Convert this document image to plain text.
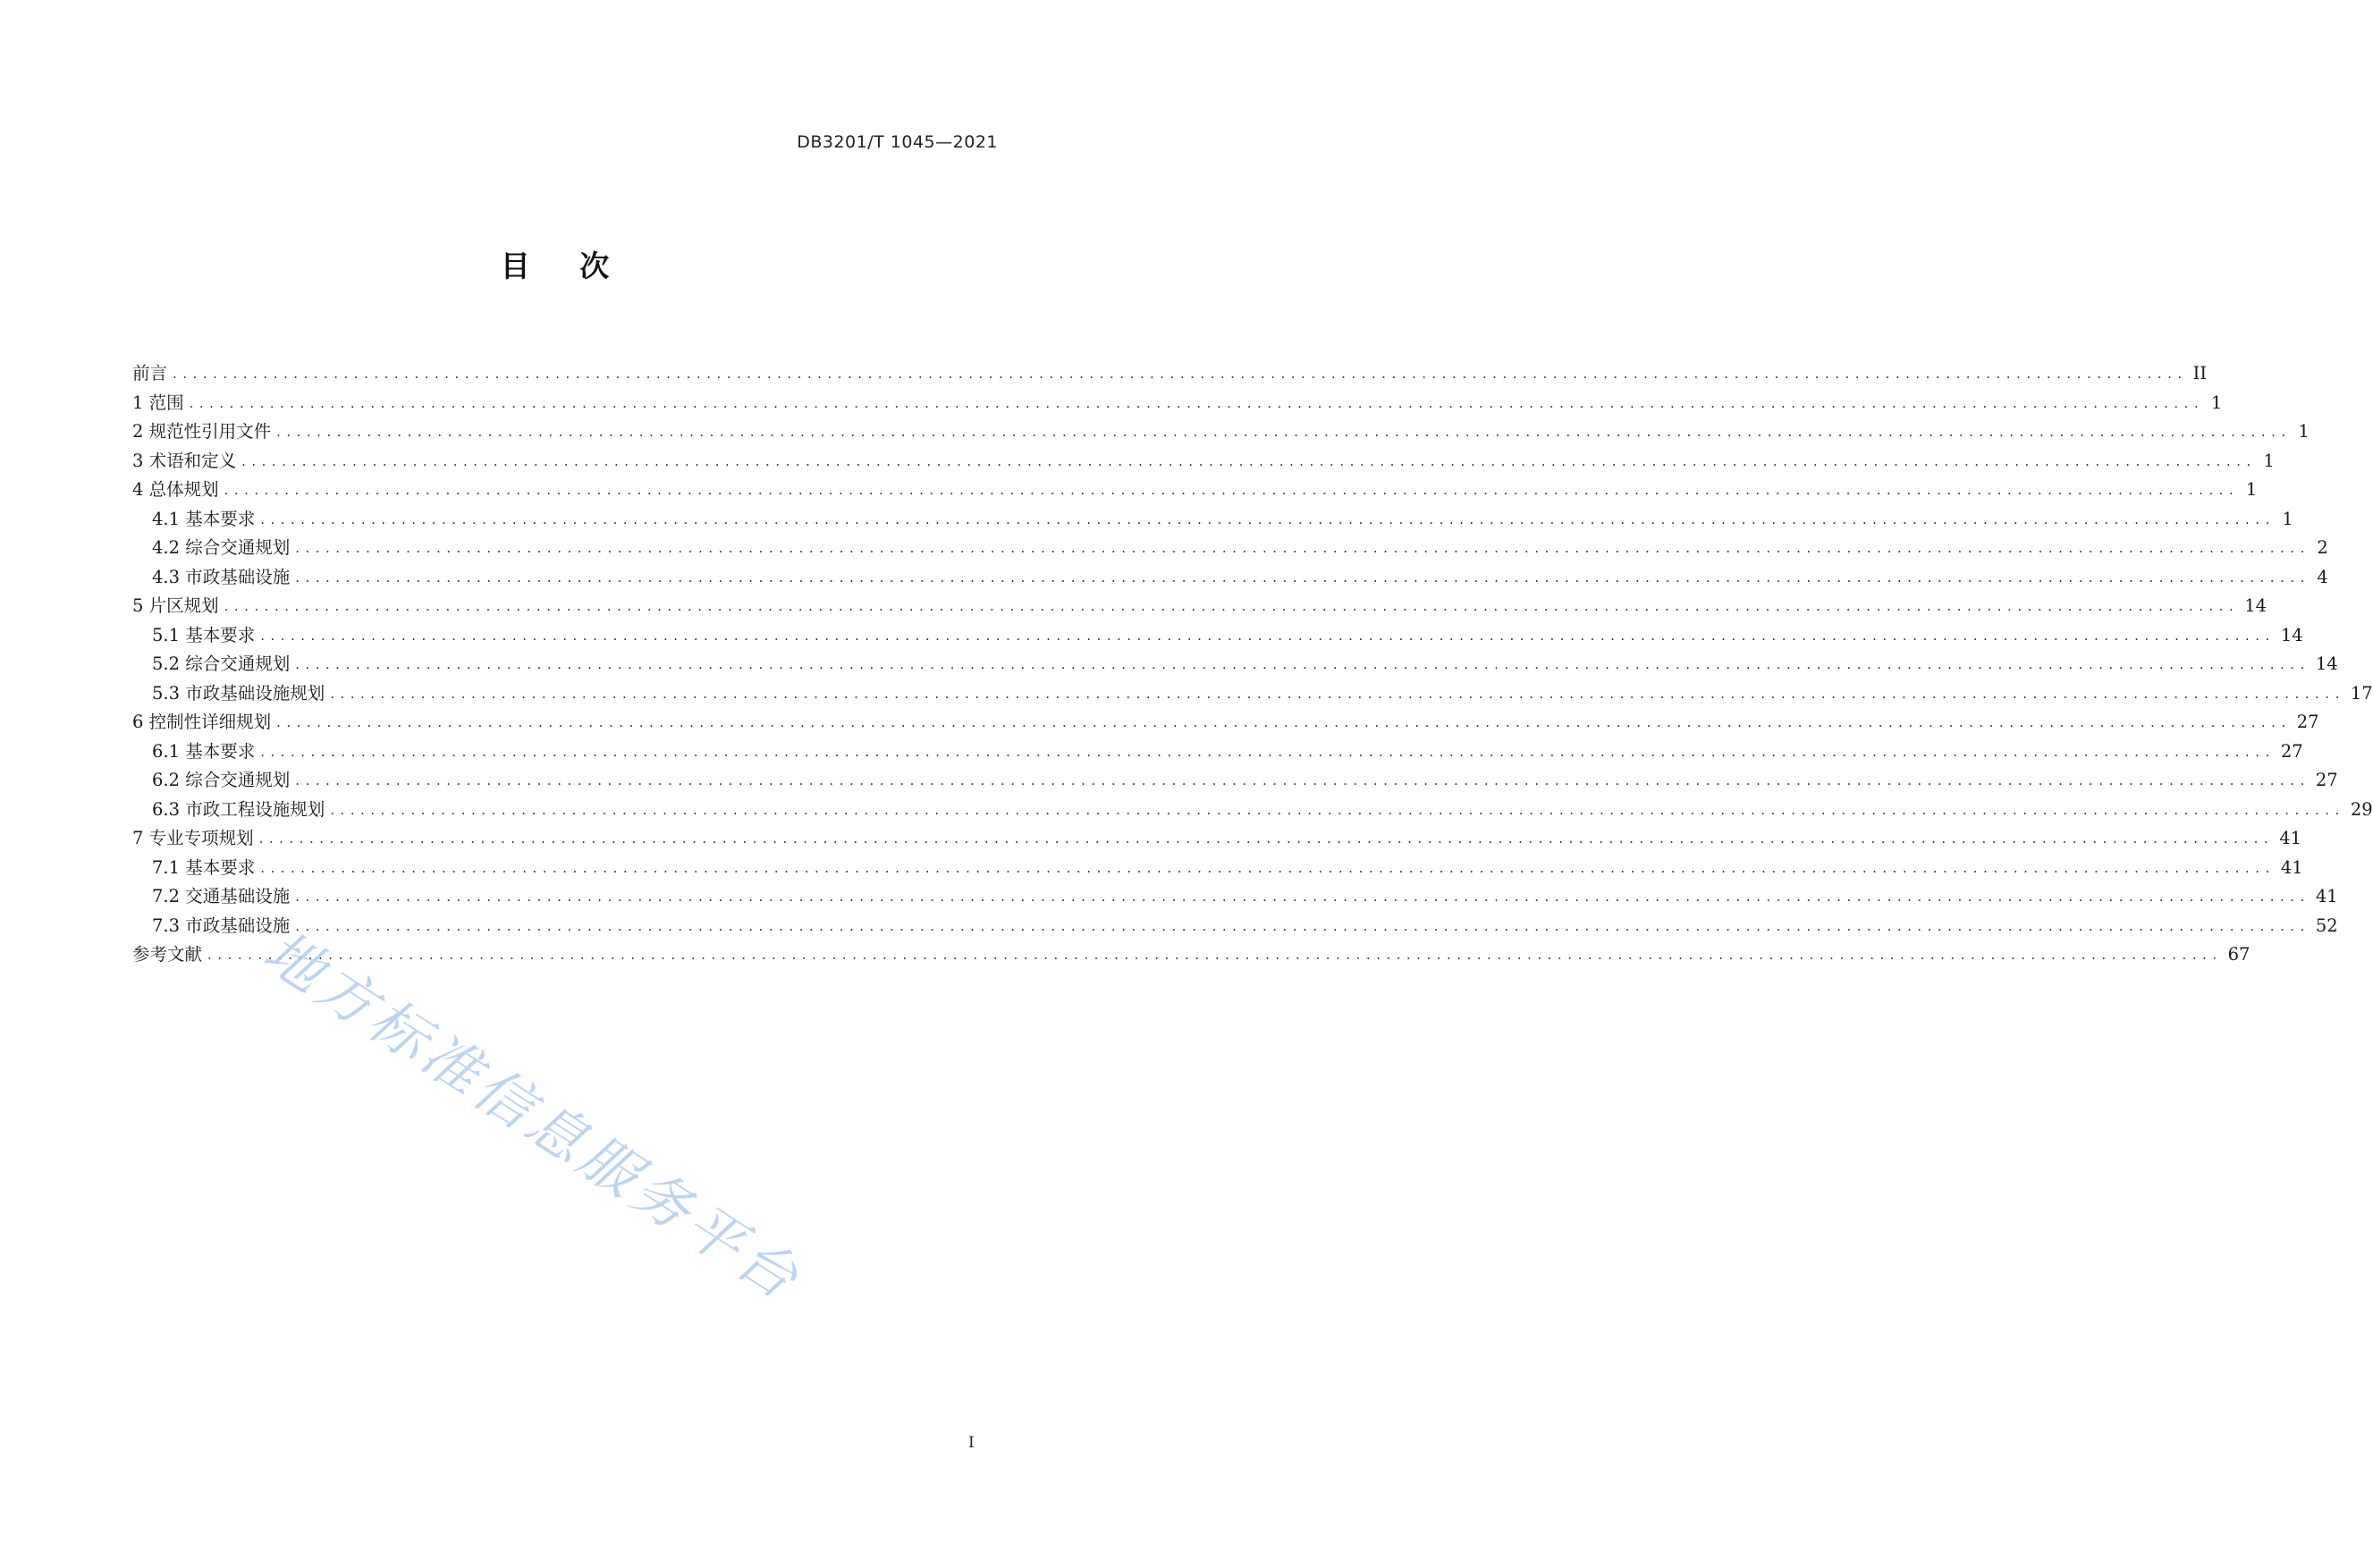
DB3201/T 1045—2021
目 次
前言 ........................................................................................................................................................................................................ II
1 范围 ........................................................................................................................................................................................................ 1
2 规范性引用文件 ........................................................................................................................................................................................................ 1
3 术语和定义 ........................................................................................................................................................................................................ 1
4 总体规划 ........................................................................................................................................................................................................ 1
4.1 基本要求 ........................................................................................................................................................................................................ 1
4.2 综合交通规划 ........................................................................................................................................................................................................ 2
4.3 市政基础设施 ........................................................................................................................................................................................................ 4
5 片区规划 ........................................................................................................................................................................................................ 14
5.1 基本要求 ........................................................................................................................................................................................................ 14
5.2 综合交通规划 ........................................................................................................................................................................................................ 14
5.3 市政基础设施规划 ........................................................................................................................................................................................................ 17
6 控制性详细规划 ........................................................................................................................................................................................................ 27
6.1 基本要求 ........................................................................................................................................................................................................ 27
6.2 综合交通规划 ........................................................................................................................................................................................................ 27
6.3 市政工程设施规划 ........................................................................................................................................................................................................ 29
7 专业专项规划 ........................................................................................................................................................................................................ 41
7.1 基本要求 ........................................................................................................................................................................................................ 41
7.2 交通基础设施 ........................................................................................................................................................................................................ 41
7.3 市政基础设施 ........................................................................................................................................................................................................ 52
参考文献 ........................................................................................................................................................................................................ 67
I
地方标准信息服务平台
